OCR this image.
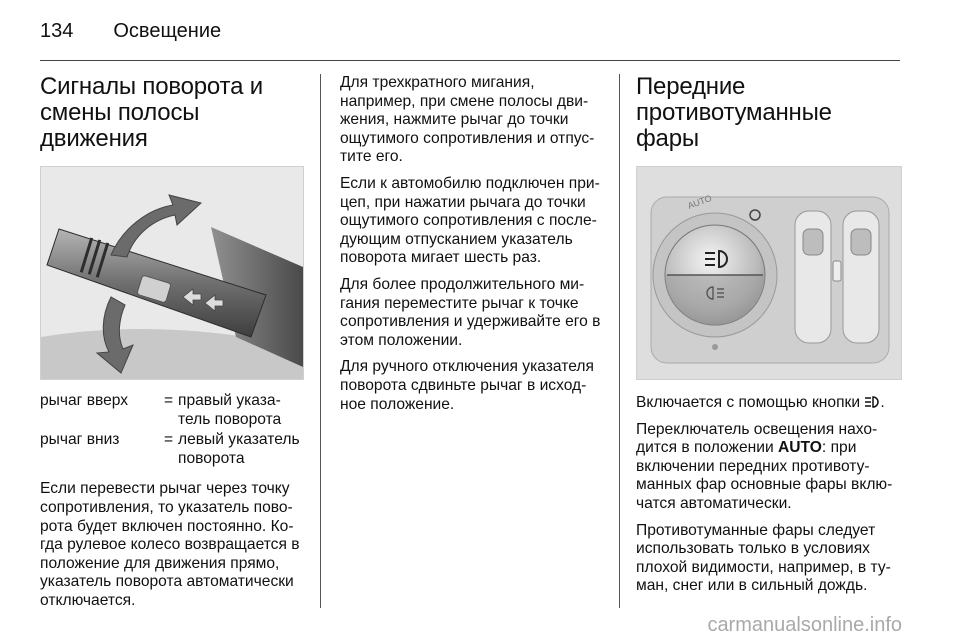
134 Освещение
Сигналы поворота и
смены полосы движения
рычаг вверх	= правый указа-тель поворота
рычаг вниз	= левый указатель поворота

Если перевести рычаг через точку сопротивления, то указатель пово-рота будет включен постоянно. Ко-гда рулевое колесо возвращается в положение для движения прямо, указатель поворота автоматически отключается.

Для трехкратного мигания, например, при смене полосы дви-жения, нажмите рычаг до точки ощутимого сопротивления и отпус-тите его.

Если к автомобилю подключен при-цеп, при нажатии рычага до точки ощутимого сопротивления с после-дующим отпусканием указатель поворота мигает шесть раз.

Для более продолжительного ми-гания переместите рычаг к точке сопротивления и удерживайте его в этом положении.

Для ручного отключения указателя поворота сдвиньте рычаг в исход-ное положение.

Передние
противотуманные фары
AUTO

Включается с помощью кнопки .

Переключатель освещения нахо-дится в положении AUTO: при включении передних противоту-манных фар основные фары вклю-чатся автоматически.

Противотуманные фары следует использовать только в условиях плохой видимости, например, в ту-ман, снег или в сильный дождь.

carmanualsonline.info
